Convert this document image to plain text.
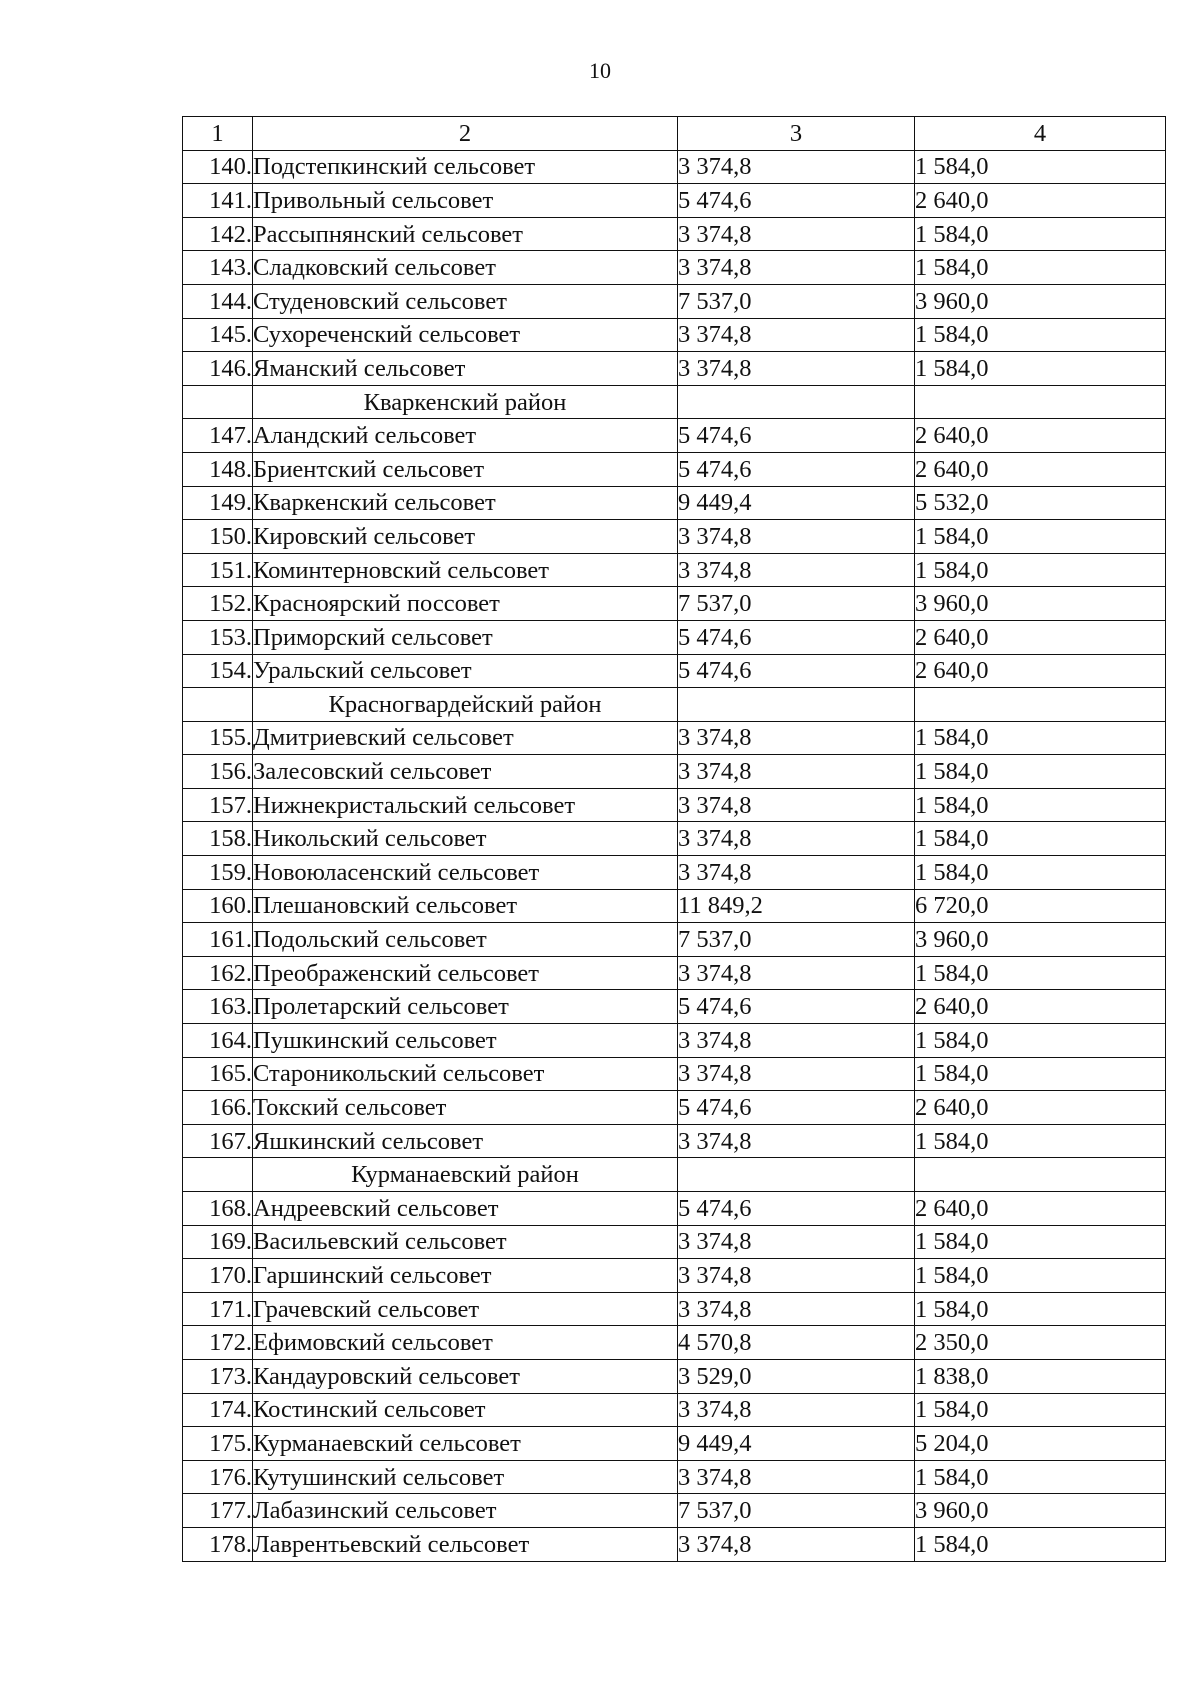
10
1	2	3	4
140.	Подстепкинский сельсовет	3 374,8	1 584,0
141.	Привольный сельсовет	5 474,6	2 640,0
142.	Рассыпнянский сельсовет	3 374,8	1 584,0
143.	Сладковский сельсовет	3 374,8	1 584,0
144.	Студеновский сельсовет	7 537,0	3 960,0
145.	Сухореченский сельсовет	3 374,8	1 584,0
146.	Яманский сельсовет	3 374,8	1 584,0
	Кваркенский район		
147.	Аландский сельсовет	5 474,6	2 640,0
148.	Бриентский сельсовет	5 474,6	2 640,0
149.	Кваркенский сельсовет	9 449,4	5 532,0
150.	Кировский сельсовет	3 374,8	1 584,0
151.	Коминтерновский сельсовет	3 374,8	1 584,0
152.	Красноярский поссовет	7 537,0	3 960,0
153.	Приморский сельсовет	5 474,6	2 640,0
154.	Уральский сельсовет	5 474,6	2 640,0
	Красногвардейский район		
155.	Дмитриевский сельсовет	3 374,8	1 584,0
156.	Залесовский сельсовет	3 374,8	1 584,0
157.	Нижнекристальский сельсовет	3 374,8	1 584,0
158.	Никольский сельсовет	3 374,8	1 584,0
159.	Новоюласенский сельсовет	3 374,8	1 584,0
160.	Плешановский сельсовет	11 849,2	6 720,0
161.	Подольский сельсовет	7 537,0	3 960,0
162.	Преображенский сельсовет	3 374,8	1 584,0
163.	Пролетарский сельсовет	5 474,6	2 640,0
164.	Пушкинский сельсовет	3 374,8	1 584,0
165.	Староникольский сельсовет	3 374,8	1 584,0
166.	Токский сельсовет	5 474,6	2 640,0
167.	Яшкинский сельсовет	3 374,8	1 584,0
	Курманаевский район		
168.	Андреевский сельсовет	5 474,6	2 640,0
169.	Васильевский сельсовет	3 374,8	1 584,0
170.	Гаршинский сельсовет	3 374,8	1 584,0
171.	Грачевский сельсовет	3 374,8	1 584,0
172.	Ефимовский сельсовет	4 570,8	2 350,0
173.	Кандауровский сельсовет	3 529,0	1 838,0
174.	Костинский сельсовет	3 374,8	1 584,0
175.	Курманаевский сельсовет	9 449,4	5 204,0
176.	Кутушинский сельсовет	3 374,8	1 584,0
177.	Лабазинский сельсовет	7 537,0	3 960,0
178.	Лаврентьевский сельсовет	3 374,8	1 584,0
